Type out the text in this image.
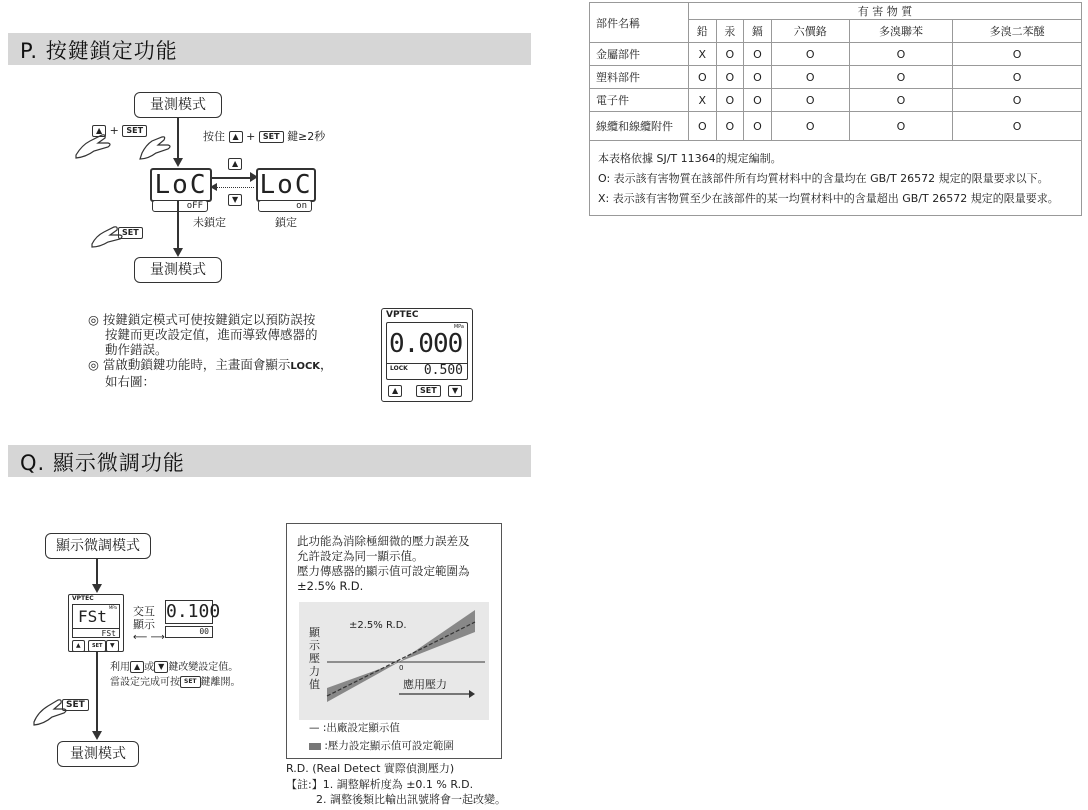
P. 按鍵鎖定功能
量測模式
▲ + SET	按住 ▲ + SET 鍵≥2秒
LoC
oFF
▲
▼ LoC
on
未鎖定	鎖定
SET
量測模式
◎ 按鍵鎖定模式可使按鍵鎖定以預防誤按
按鍵而更改設定值，進而導致傳感器的
動作錯誤。
◎ 當啟動鎖鍵功能時，主畫面會顯示LOCK，
如右圖：
VPTEC
MPa
0.000
LOCK 0.500
▲	SET	▼
Q. 顯示微調功能
顯示微調模式
VPTEC
MPa
FSt
FSt
▲	SET	▼
交互
顯示
⟵ ⟶
0.100
00
利用 ▲ 或 ▼ 鍵改變設定值。
當設定完成可按 SET 鍵離開。
SET
量測模式
此功能為消除極細微的壓力誤差及
允許設定為同一顯示值。
壓力傳感器的顯示值可設定範圍為
±2.5% R.D.
±2.5% R.D.
顯示壓力值
0
應用壓力
— :出廠設定顯示值
:壓力設定顯示值可設定範圍
R.D. (Real Detect 實際偵測壓力)
【註:】1. 調整解析度為 ±0.1 % R.D.
2. 調整後類比輸出訊號將會一起改變。
部件名稱	有 害 物 質					
	鉛	汞	鎘	六價鉻	多溴聯苯	多溴二苯醚
金屬部件	X	O	O	O	O	O
塑料部件	O	O	O	O	O	O
電子件	X	O	O	O	O	O
線纜和線纜附件	O	O	O	O	O	O

本表格依據 SJ/T 11364的規定編制。
O: 表示該有害物質在該部件所有均質材料中的含量均在 GB/T 26572 規定的限量要求以下。
X: 表示該有害物質至少在該部件的某一均質材料中的含量超出 GB/T 26572 規定的限量要求。						
